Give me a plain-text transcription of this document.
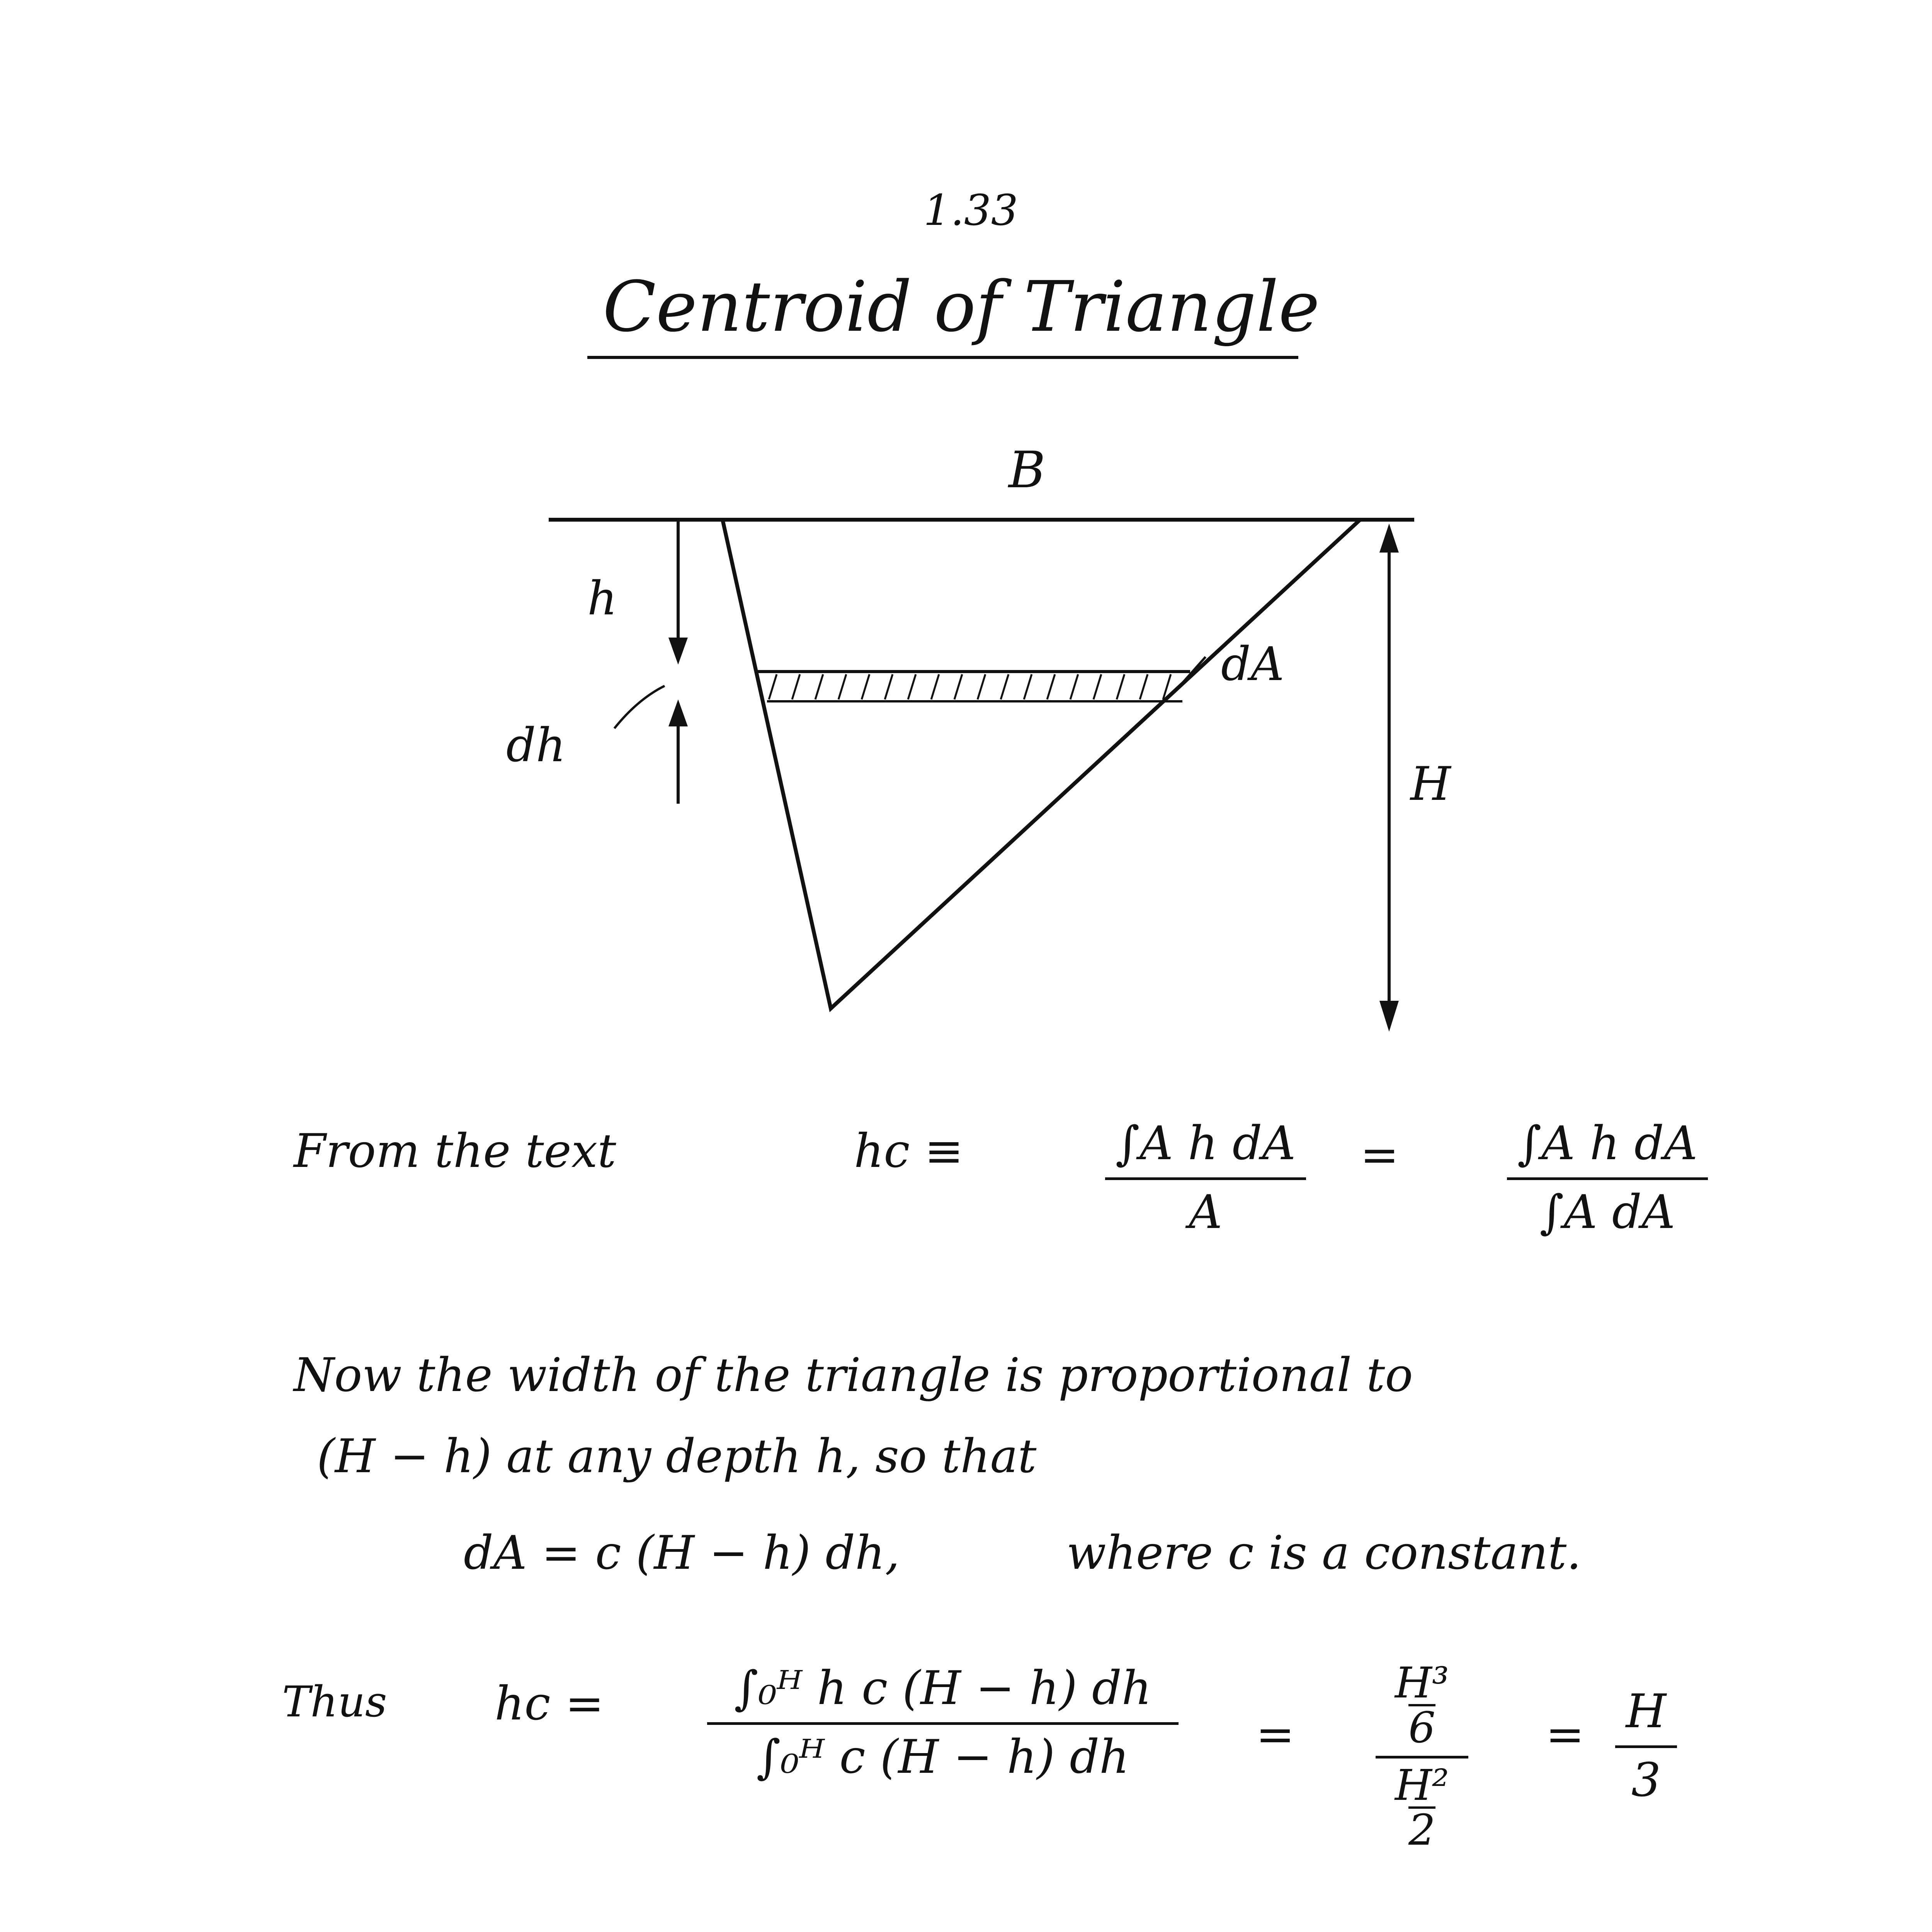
1.33
Centroid of Triangle
B
h
dh
dA
H
From the text	hc ≡	∫A h dA
A
=	∫A h dA
∫A dA
Now the width of the triangle is proportional to
(H − h) at any depth h, so that
dA = c (H − h) dh,	where c is a constant.
Thus hc =	∫₀ᴴ h c (H − h) dh
∫₀ᴴ c (H − h) dh	=
H³
6
H²
2
= H
3
